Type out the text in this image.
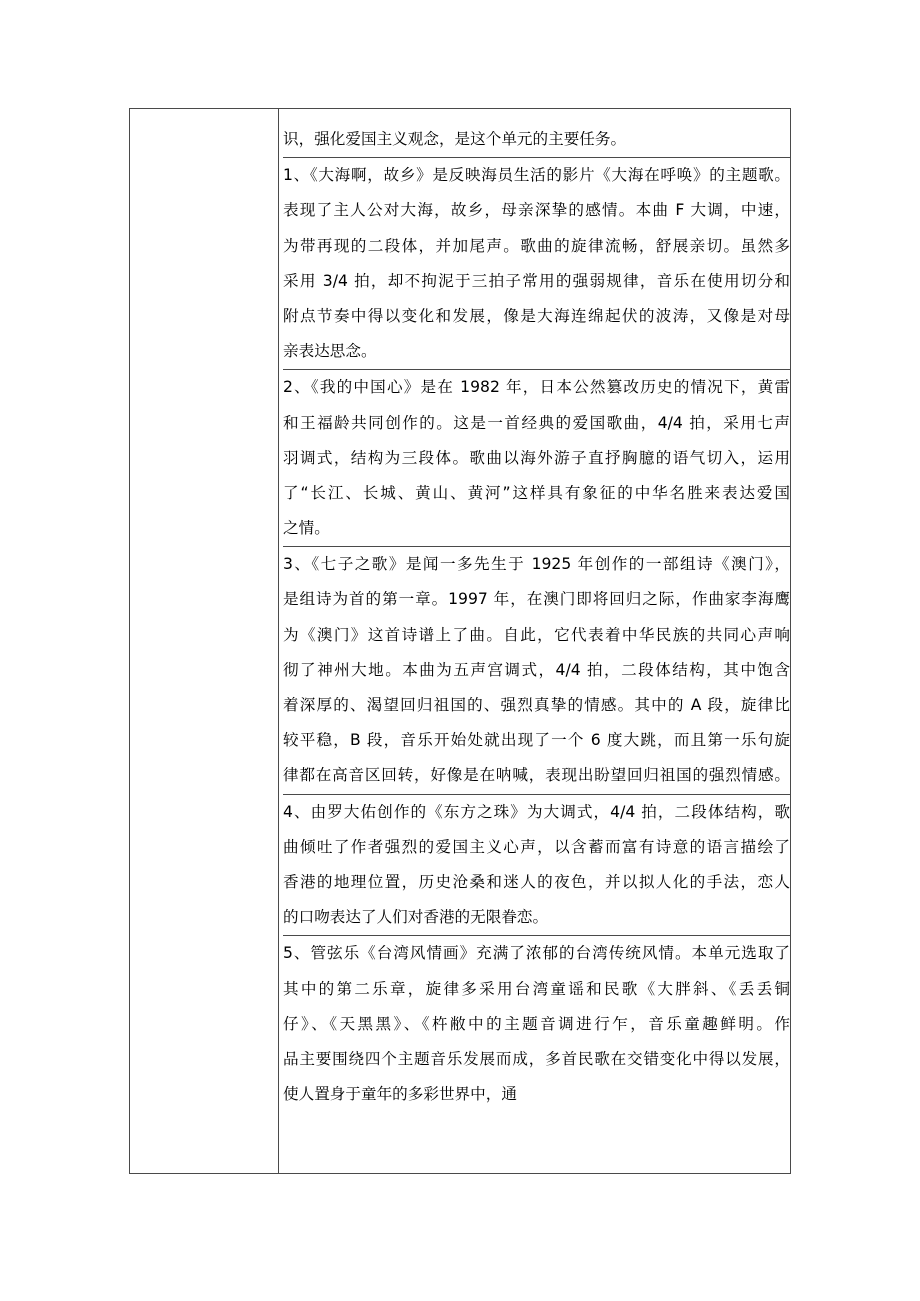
识，强化爱国主义观念，是这个单元的主要任务。
1、《大海啊，故乡》是反映海员生活的影片《大海在呼唤》的主题歌。
表现了主人公对大海，故乡，母亲深挚的感情。本曲 F 大调，中速，
为带再现的二段体，并加尾声。歌曲的旋律流畅，舒展亲切。虽然多
采用 3/4 拍，却不拘泥于三拍子常用的强弱规律，音乐在使用切分和
附点节奏中得以变化和发展，像是大海连绵起伏的波涛，又像是对母
亲表达思念。
2、《我的中国心》是在 1982 年，日本公然篡改历史的情况下，黄雷
和王福龄共同创作的。这是一首经典的爱国歌曲，4/4 拍，采用七声
羽调式，结构为三段体。歌曲以海外游子直抒胸臆的语气切入，运用
了“长江、长城、黄山、黄河”这样具有象征的中华名胜来表达爱国
之情。
3、《七子之歌》是闻一多先生于 1925 年创作的一部组诗《澳门》，
是组诗为首的第一章。1997 年，在澳门即将回归之际，作曲家李海鹰
为《澳门》这首诗谱上了曲。自此，它代表着中华民族的共同心声响
彻了神州大地。本曲为五声宫调式，4/4 拍，二段体结构，其中饱含
着深厚的、渴望回归祖国的、强烈真挚的情感。其中的 A 段，旋律比
较平稳，B 段，音乐开始处就出现了一个 6 度大跳，而且第一乐句旋
律都在高音区回转，好像是在呐喊，表现出盼望回归祖国的强烈情感。
4、由罗大佑创作的《东方之珠》为大调式，4/4 拍，二段体结构，歌
曲倾吐了作者强烈的爱国主义心声，以含蓄而富有诗意的语言描绘了
香港的地理位置，历史沧桑和迷人的夜色，并以拟人化的手法，恋人
的口吻表达了人们对香港的无限眷恋。
5、管弦乐《台湾风情画》充满了浓郁的台湾传统风情。本单元选取了
其中的第二乐章，旋律多采用台湾童谣和民歌《大胖斜、《丢丢铜
仔》、《天黑黑》、《杵敝中的主题音调进行乍，音乐童趣鲜明。作
品主要围绕四个主题音乐发展而成，多首民歌在交错变化中得以发展，
使人置身于童年的多彩世界中，通
